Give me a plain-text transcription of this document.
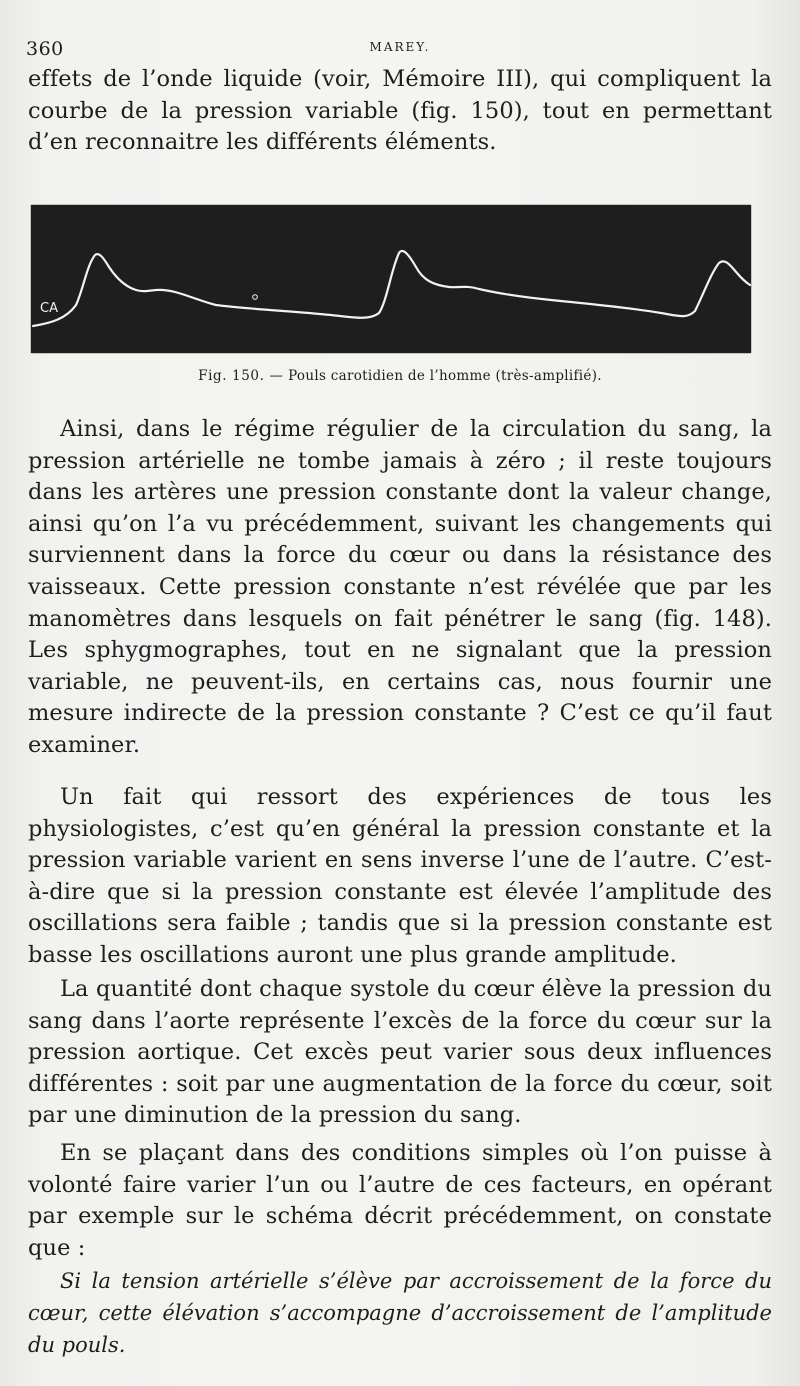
360	MAREY.

effets de l’onde liquide (voir, Mémoire III), qui compliquent la courbe de la pression variable (fig. 150), tout en permettant d’en reconnaitre les différents éléments.

CA
Fig. 150. — Pouls carotidien de l’homme (très-amplifié).

Ainsi, dans le régime régulier de la circulation du sang, la pression artérielle ne tombe jamais à zéro ; il reste toujours dans les artères une pression constante dont la valeur change, ainsi qu’on l’a vu précédemment, suivant les changements qui surviennent dans la force du cœur ou dans la résistance des vaisseaux. Cette pression constante n’est révélée que par les manomètres dans lesquels on fait pénétrer le sang (fig. 148). Les sphygmographes, tout en ne signalant que la pression variable, ne peuvent-ils, en certains cas, nous fournir une mesure indirecte de la pression constante ? C’est ce qu’il faut examiner.

Un fait qui ressort des expériences de tous les physiologistes, c’est qu’en général la pression constante et la pression variable varient en sens inverse l’une de l’autre. C’est-à-dire que si la pression constante est élevée l’amplitude des oscillations sera faible ; tandis que si la pression constante est basse les oscillations auront une plus grande amplitude.

La quantité dont chaque systole du cœur élève la pression du sang dans l’aorte représente l’excès de la force du cœur sur la pression aortique. Cet excès peut varier sous deux influences différentes : soit par une augmentation de la force du cœur, soit par une diminution de la pression du sang.

En se plaçant dans des conditions simples où l’on puisse à volonté faire varier l’un ou l’autre de ces facteurs, en opérant par exemple sur le schéma décrit précédemment, on constate que :

Si la tension artérielle s’élève par accroissement de la force du cœur, cette élévation s’accompagne d’accroissement de l’amplitude du pouls.
